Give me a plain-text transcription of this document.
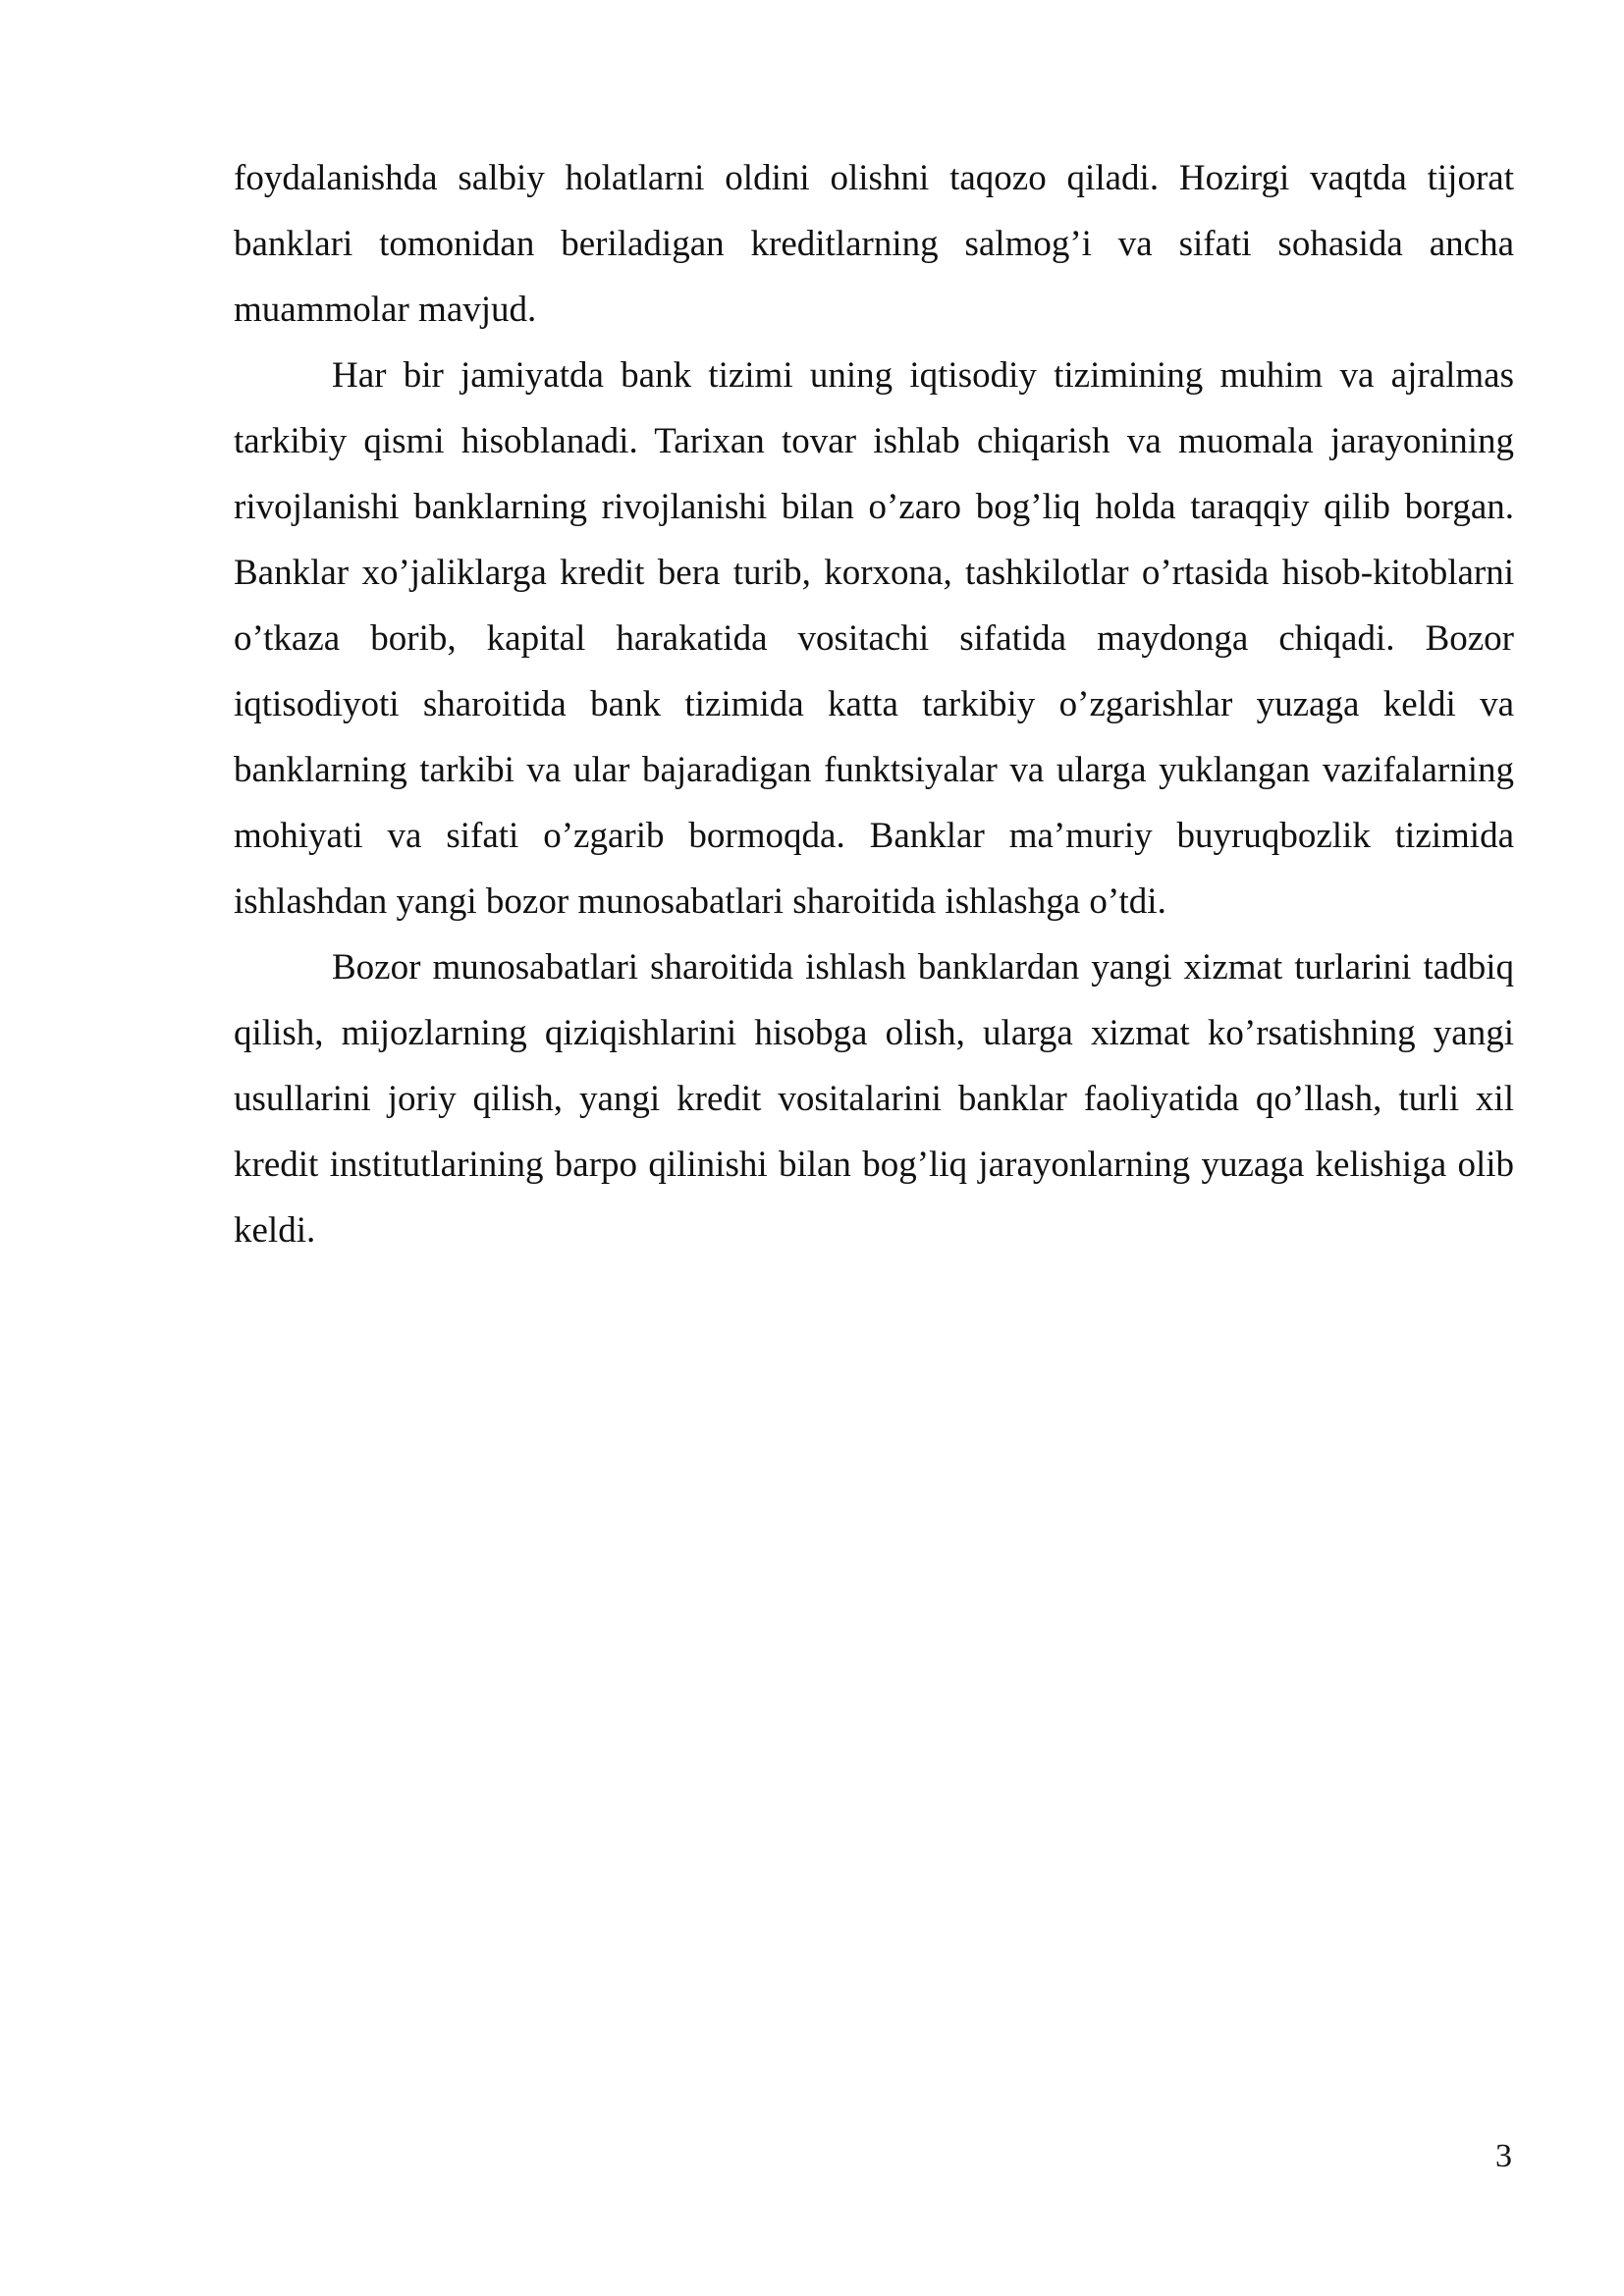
foydalanishda salbiy holatlarni oldini olishni taqozo qiladi. Hozirgi vaqtda tijorat banklari tomonidan beriladigan kreditlarning salmog’i va sifati sohasida ancha muammolar mavjud.

Har bir jamiyatda bank tizimi uning iqtisodiy tizimining muhim va ajralmas tarkibiy qismi hisoblanadi. Tarixan tovar ishlab chiqarish va muomala jarayonining rivojlanishi banklarning rivojlanishi bilan o’zaro bog’liq holda taraqqiy qilib borgan. Banklar xo’jaliklarga kredit bera turib, korxona, tashkilotlar o’rtasida hisob-kitoblarni o’tkaza borib, kapital harakatida vositachi sifatida maydonga chiqadi. Bozor iqtisodiyoti sharoitida bank tizimida katta tarkibiy o’zgarishlar yuzaga keldi va banklarning tarkibi va ular bajaradigan funktsiyalar va ularga yuklangan vazifalarning mohiyati va sifati o’zgarib bormoqda. Banklar ma’muriy buyruqbozlik tizimida ishlashdan yangi bozor munosabatlari sharoitida ishlashga o’tdi.

Bozor munosabatlari sharoitida ishlash banklardan yangi xizmat turlarini tadbiq qilish, mijozlarning qiziqishlarini hisobga olish, ularga xizmat ko’rsatishning yangi usullarini joriy qilish, yangi kredit vositalarini banklar faoliyatida qo’llash, turli xil kredit institutlarining barpo qilinishi bilan bog’liq jarayonlarning yuzaga kelishiga olib keldi.

3
